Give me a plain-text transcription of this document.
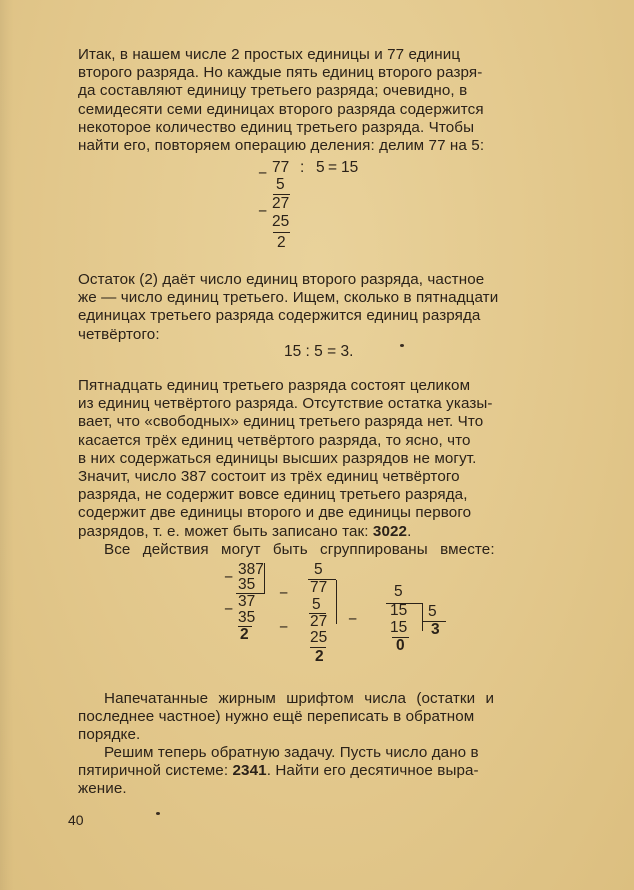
Итак, в нашем числе 2 простых единицы и 77 единиц

второго разряда. Но каждые пять единиц второго разря-

да составляют единицу третьего разряда; очевидно, в

семидесяти семи единицах второго разряда содержится

некоторое количество единиц третьего разряда. Чтобы

найти его, повторяем операцию деления: делим 77 на 5:

− 77 : 5 = 15
5
27
−
25
2

Остаток (2) даёт число единиц второго разряда, частное

же — число единиц третьего. Ищем, сколько в пятнадцати

единицах третьего разряда содержится единиц разряда

четвёртого:

15 : 5 = 3.

Пятнадцать единиц третьего разряда состоят целиком

из единиц четвёртого разряда. Отсутствие остатка указы-

вает, что «свободных» единиц третьего разряда нет. Что

касается трёх единиц четвёртого разряда, то ясно, что

в них содержаться единицы высших разрядов не могут.

Значит, число 387 состоит из трёх единиц четвёртого

разряда, не содержит вовсе единиц третьего разряда,

содержит две единицы второго и две единицы первого

разрядов, т. е. может быть записано так: 3022.

Все действия могут быть сгруппированы вместе:

− 387
35
− 37
35
2
5
− 77
5
27
−
25
2
5
−
15 5
15 3
0

Напечатанные жирным шрифтом числа (остатки и

последнее частное) нужно ещё переписать в обратном

порядке.

Решим теперь обратную задачу. Пусть число дано в

пятиричной системе: 2341. Найти его десятичное выра-

жение.

40
